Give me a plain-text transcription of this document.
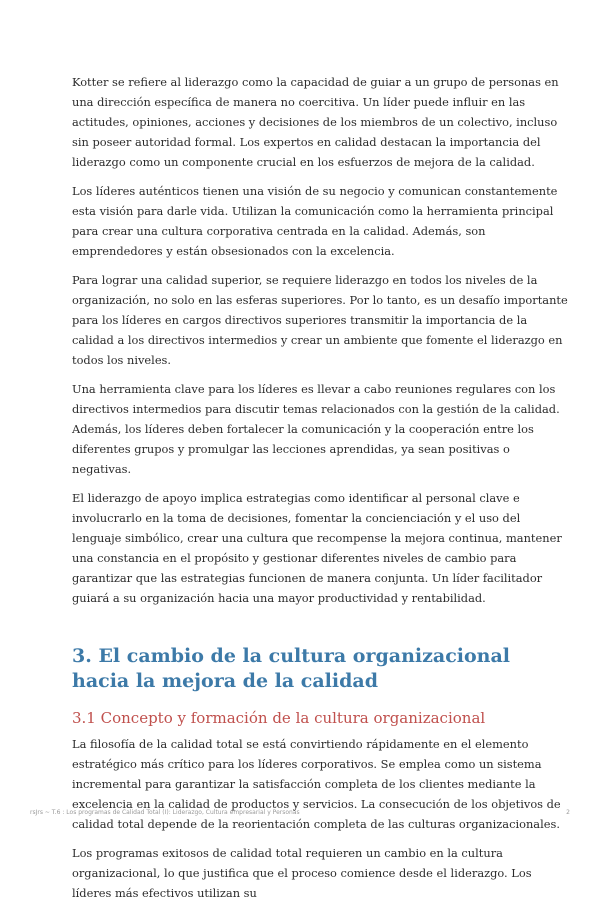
Kotter se refiere al liderazgo como la capacidad de guiar a un grupo de personas en una dirección específica de manera no coercitiva. Un líder puede influir en las actitudes, opiniones, acciones y decisiones de los miembros de un colectivo, incluso sin poseer autoridad formal. Los expertos en calidad destacan la importancia del liderazgo como un componente crucial en los esfuerzos de mejora de la calidad.

Los líderes auténticos tienen una visión de su negocio y comunican constantemente esta visión para darle vida. Utilizan la comunicación como la herramienta principal para crear una cultura corporativa centrada en la calidad. Además, son emprendedores y están obsesionados con la excelencia.

Para lograr una calidad superior, se requiere liderazgo en todos los niveles de la organización, no solo en las esferas superiores. Por lo tanto, es un desafío importante para los líderes en cargos directivos superiores transmitir la importancia de la calidad a los directivos intermedios y crear un ambiente que fomente el liderazgo en todos los niveles.

Una herramienta clave para los líderes es llevar a cabo reuniones regulares con los directivos intermedios para discutir temas relacionados con la gestión de la calidad. Además, los líderes deben fortalecer la comunicación y la cooperación entre los diferentes grupos y promulgar las lecciones aprendidas, ya sean positivas o negativas.

El liderazgo de apoyo implica estrategias como identificar al personal clave e involucrarlo en la toma de decisiones, fomentar la concienciación y el uso del lenguaje simbólico, crear una cultura que recompense la mejora continua, mantener una constancia en el propósito y gestionar diferentes niveles de cambio para garantizar que las estrategias funcionen de manera conjunta. Un líder facilitador guiará a su organización hacia una mayor productividad y rentabilidad.

3. El cambio de la cultura organizacional hacia la mejora de la calidad
3.1 Concepto y formación de la cultura organizacional

La filosofía de la calidad total se está convirtiendo rápidamente en el elemento estratégico más crítico para los líderes corporativos. Se emplea como un sistema incremental para garantizar la satisfacción completa de los clientes mediante la excelencia en la calidad de productos y servicios. La consecución de los objetivos de calidad total depende de la reorientación completa de las culturas organizacionales.

Los programas exitosos de calidad total requieren un cambio en la cultura organizacional, lo que justifica que el proceso comience desde el liderazgo. Los líderes más efectivos utilizan su

rsJrs ~ T.6 : Los programas de Calidad Total (I): Liderazgo, Cultura empresarial y Personas	2
